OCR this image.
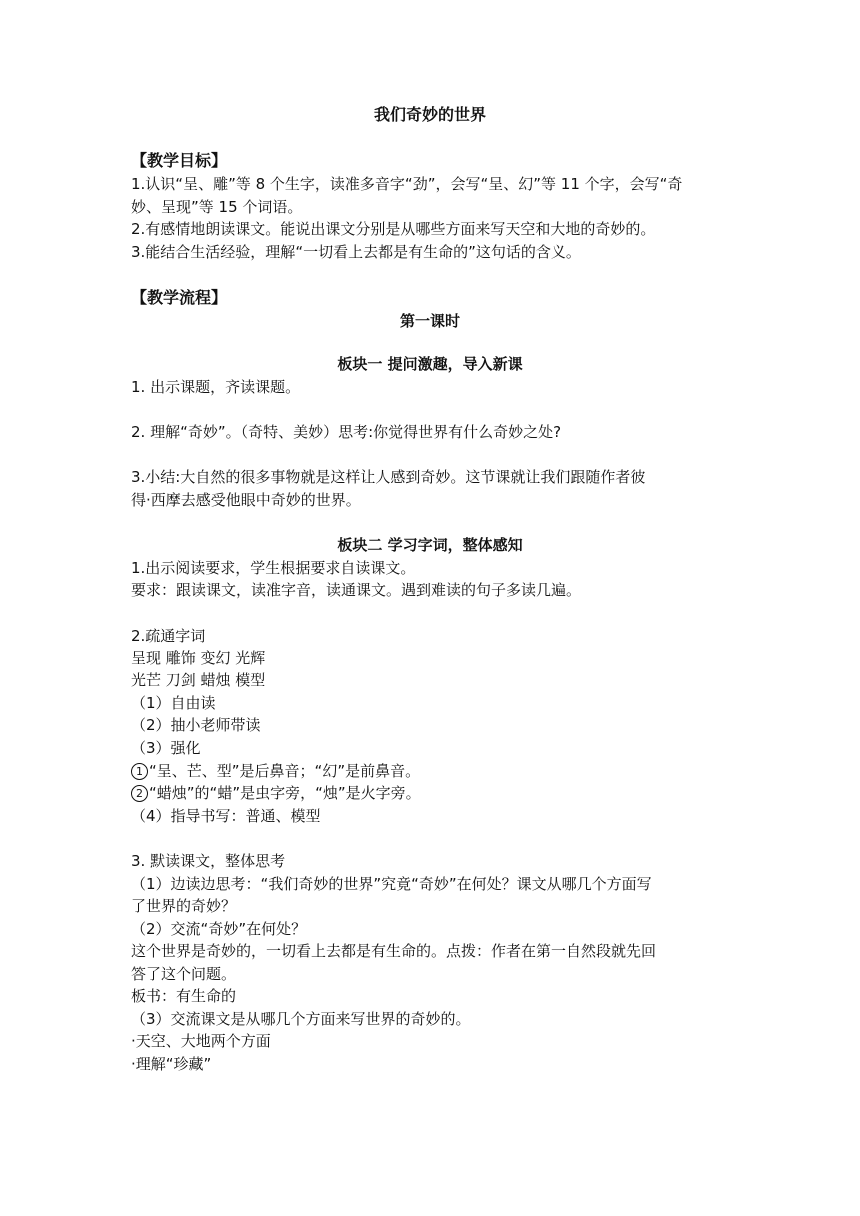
我们奇妙的世界
【教学目标】
1.认识“呈、雕”等 8 个生字，读准多音字“劲”，会写“呈、幻”等 11 个字，会写“奇
妙、呈现”等 15 个词语。
2.有感情地朗读课文。能说出课文分别是从哪些方面来写天空和大地的奇妙的。
3.能结合生活经验，理解“一切看上去都是有生命的”这句话的含义。
【教学流程】
第一课时
板块一 提问激趣，导入新课
1. 出示课题，齐读课题。
2. 理解“奇妙”。（奇特、美妙）思考:你觉得世界有什么奇妙之处?
3.小结:大自然的很多事物就是这样让人感到奇妙。这节课就让我们跟随作者彼
得·西摩去感受他眼中奇妙的世界。
板块二 学习字词，整体感知
1.出示阅读要求，学生根据要求自读课文。
要求：跟读课文，读准字音，读通课文。遇到难读的句子多读几遍。
2.疏通字词
呈现 雕饰 变幻 光辉
光芒 刀剑 蜡烛 模型
（1）自由读
（2）抽小老师带读
（3）强化
1 “呈、芒、型”是后鼻音；“幻”是前鼻音。
2 “蜡烛”的“蜡”是虫字旁，“烛”是火字旁。
（4）指导书写：普通、模型
3. 默读课文，整体思考
（1）边读边思考：“我们奇妙的世界”究竟“奇妙”在何处？课文从哪几个方面写
了世界的奇妙？
（2）交流“奇妙”在何处？
这个世界是奇妙的，一切看上去都是有生命的。点拨：作者在第一自然段就先回
答了这个问题。
板书：有生命的
（3）交流课文是从哪几个方面来写世界的奇妙的。
·天空、大地两个方面
·理解“珍藏”
